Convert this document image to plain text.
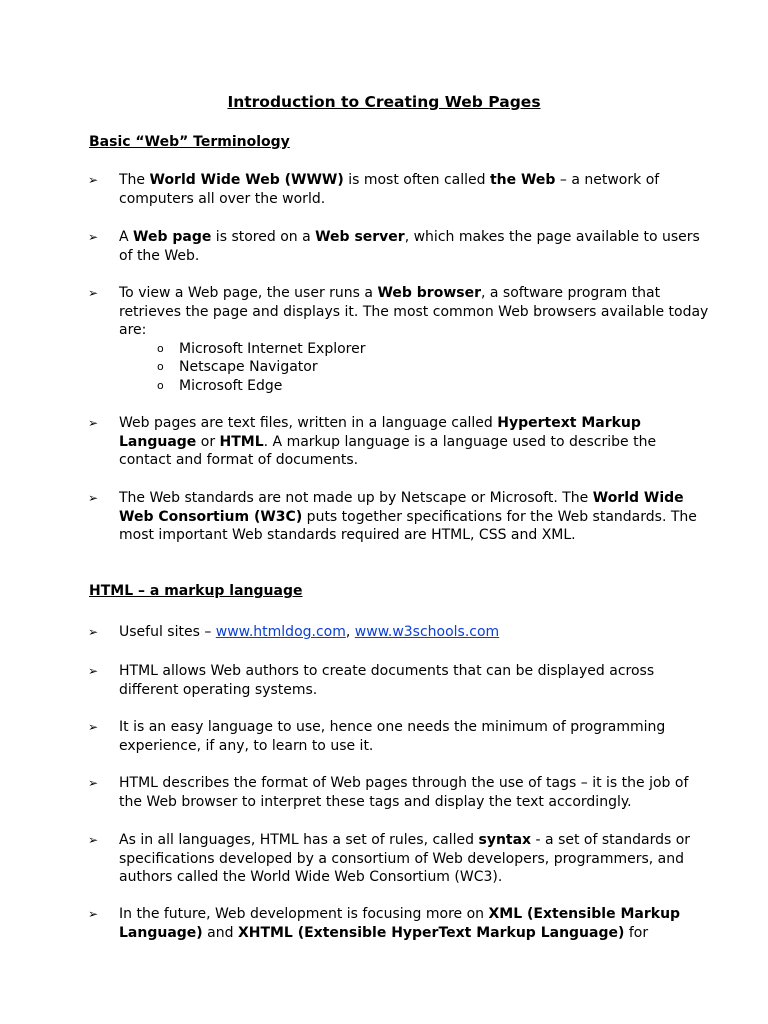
Introduction to Creating Web Pages
Basic “Web” Terminology
➢ The World Wide Web (WWW) is most often called the Web – a network of
computers all over the world.
➢ A Web page is stored on a Web server, which makes the page available to users
of the Web.
➢ To view a Web page, the user runs a Web browser, a software program that
retrieves the page and displays it. The most common Web browsers available today
are:
o Microsoft Internet Explorer
o Netscape Navigator
o Microsoft Edge
➢ Web pages are text files, written in a language called Hypertext Markup
Language or HTML. A markup language is a language used to describe the
contact and format of documents.
➢ The Web standards are not made up by Netscape or Microsoft. The World Wide
Web Consortium (W3C) puts together specifications for the Web standards. The
most important Web standards required are HTML, CSS and XML.
HTML – a markup language
➢ Useful sites – www.htmldog.com, www.w3schools.com
➢ HTML allows Web authors to create documents that can be displayed across
different operating systems.
➢ It is an easy language to use, hence one needs the minimum of programming
experience, if any, to learn to use it.
➢ HTML describes the format of Web pages through the use of tags – it is the job of
the Web browser to interpret these tags and display the text accordingly.
➢ As in all languages, HTML has a set of rules, called syntax - a set of standards or
specifications developed by a consortium of Web developers, programmers, and
authors called the World Wide Web Consortium (WC3).
➢ In the future, Web development is focusing more on XML (Extensible Markup
Language) and XHTML (Extensible HyperText Markup Language) for
